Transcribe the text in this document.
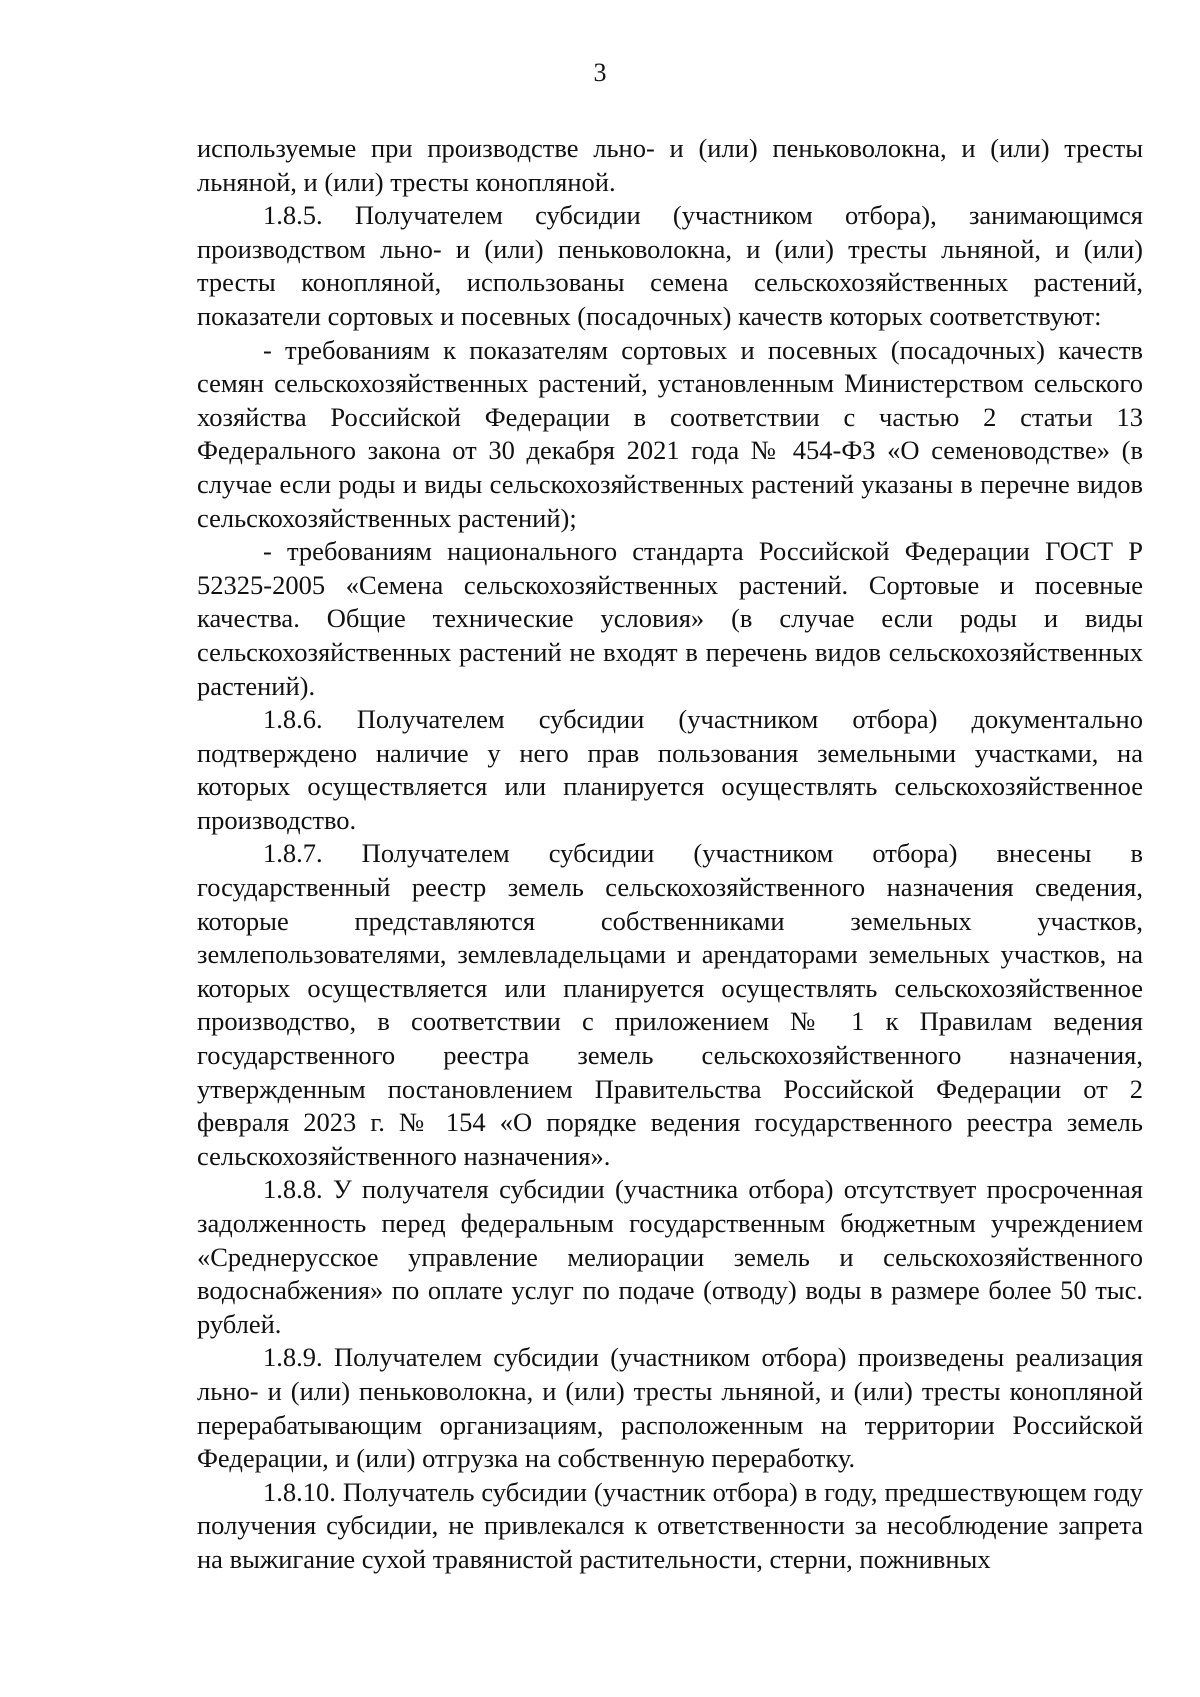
3

используемые при производстве льно- и (или) пеньковолокна, и (или) тресты льняной, и (или) тресты конопляной.

1.8.5. Получателем субсидии (участником отбора), занимающимся производством льно- и (или) пеньковолокна, и (или) тресты льняной, и (или) тресты конопляной, использованы семена сельскохозяйственных растений, показатели сортовых и посевных (посадочных) качеств которых соответствуют:

- требованиям к показателям сортовых и посевных (посадочных) качеств семян сельскохозяйственных растений, установленным Министерством сельского хозяйства Российской Федерации в соответствии с частью 2 статьи 13 Федерального закона от 30 декабря 2021 года № 454-ФЗ «О семеноводстве» (в случае если роды и виды сельскохозяйственных растений указаны в перечне видов сельскохозяйственных растений);

- требованиям национального стандарта Российской Федерации ГОСТ Р 52325-2005 «Семена сельскохозяйственных растений. Сортовые и посевные качества. Общие технические условия» (в случае если роды и виды сельскохозяйственных растений не входят в перечень видов сельскохозяйственных растений).

1.8.6. Получателем субсидии (участником отбора) документально подтверждено наличие у него прав пользования земельными участками, на которых осуществляется или планируется осуществлять сельскохозяйственное производство.

1.8.7. Получателем субсидии (участником отбора) внесены в государственный реестр земель сельскохозяйственного назначения сведения, которые представляются собственниками земельных участков, землепользователями, землевладельцами и арендаторами земельных участков, на которых осуществляется или планируется осуществлять сельскохозяйственное производство, в соответствии с приложением № 1 к Правилам ведения государственного реестра земель сельскохозяйственного назначения, утвержденным постановлением Правительства Российской Федерации от 2 февраля 2023 г. № 154 «О порядке ведения государственного реестра земель сельскохозяйственного назначения».

1.8.8. У получателя субсидии (участника отбора) отсутствует просроченная задолженность перед федеральным государственным бюджетным учреждением «Среднерусское управление мелиорации земель и сельскохозяйственного водоснабжения» по оплате услуг по подаче (отводу) воды в размере более 50 тыс. рублей.

1.8.9. Получателем субсидии (участником отбора) произведены реализация льно- и (или) пеньковолокна, и (или) тресты льняной, и (или) тресты конопляной перерабатывающим организациям, расположенным на территории Российской Федерации, и (или) отгрузка на собственную переработку.

1.8.10. Получатель субсидии (участник отбора) в году, предшествующем году получения субсидии, не привлекался к ответственности за несоблюдение запрета на выжигание сухой травянистой растительности, стерни, пожнивных
